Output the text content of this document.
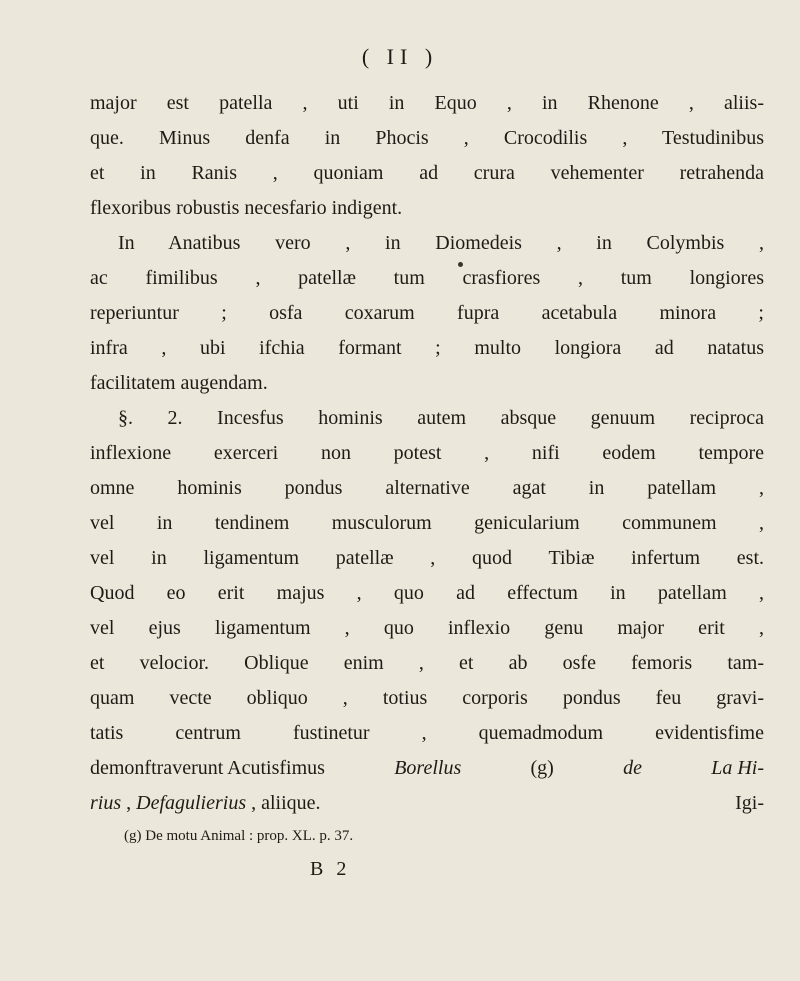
( II )
major est patella , uti in Equo , in Rhenone , aliis-
que. Minus denfa in Phocis , Crocodilis , Testudinibus
et in Ranis , quoniam ad crura vehementer retrahenda
flexoribus robustis necesfario indigent.
In Anatibus vero , in Diomedeis , in Colymbis ,
ac fimilibus , patellæ tum crasfiores , tum longiores
reperiuntur ; osfa coxarum fupra acetabula minora ;
infra , ubi ifchia formant ; multo longiora ad natatus
facilitatem augendam.
§. 2. Incesfus hominis autem absque genuum reciproca
inflexione exerceri non potest , nifi eodem tempore
omne hominis pondus alternative agat in patellam ,
vel in tendinem musculorum genicularium communem ,
vel in ligamentum patellæ , quod Tibiæ infertum est.
Quod eo erit majus , quo ad effectum in patellam ,
vel ejus ligamentum , quo inflexio genu major erit ,
et velocior. Oblique enim , et ab osfe femoris tam-
quam vecte obliquo , totius corporis pondus feu gravi-
tatis centrum fustinetur , quemadmodum evidentisfime
demonftraverunt Acutisfimus	Borellus	(g)	de	La Hi-
rius , Defagulierius , aliique.	Igi-
(g) De motu Animal : prop. XL. p. 37.
B 2
